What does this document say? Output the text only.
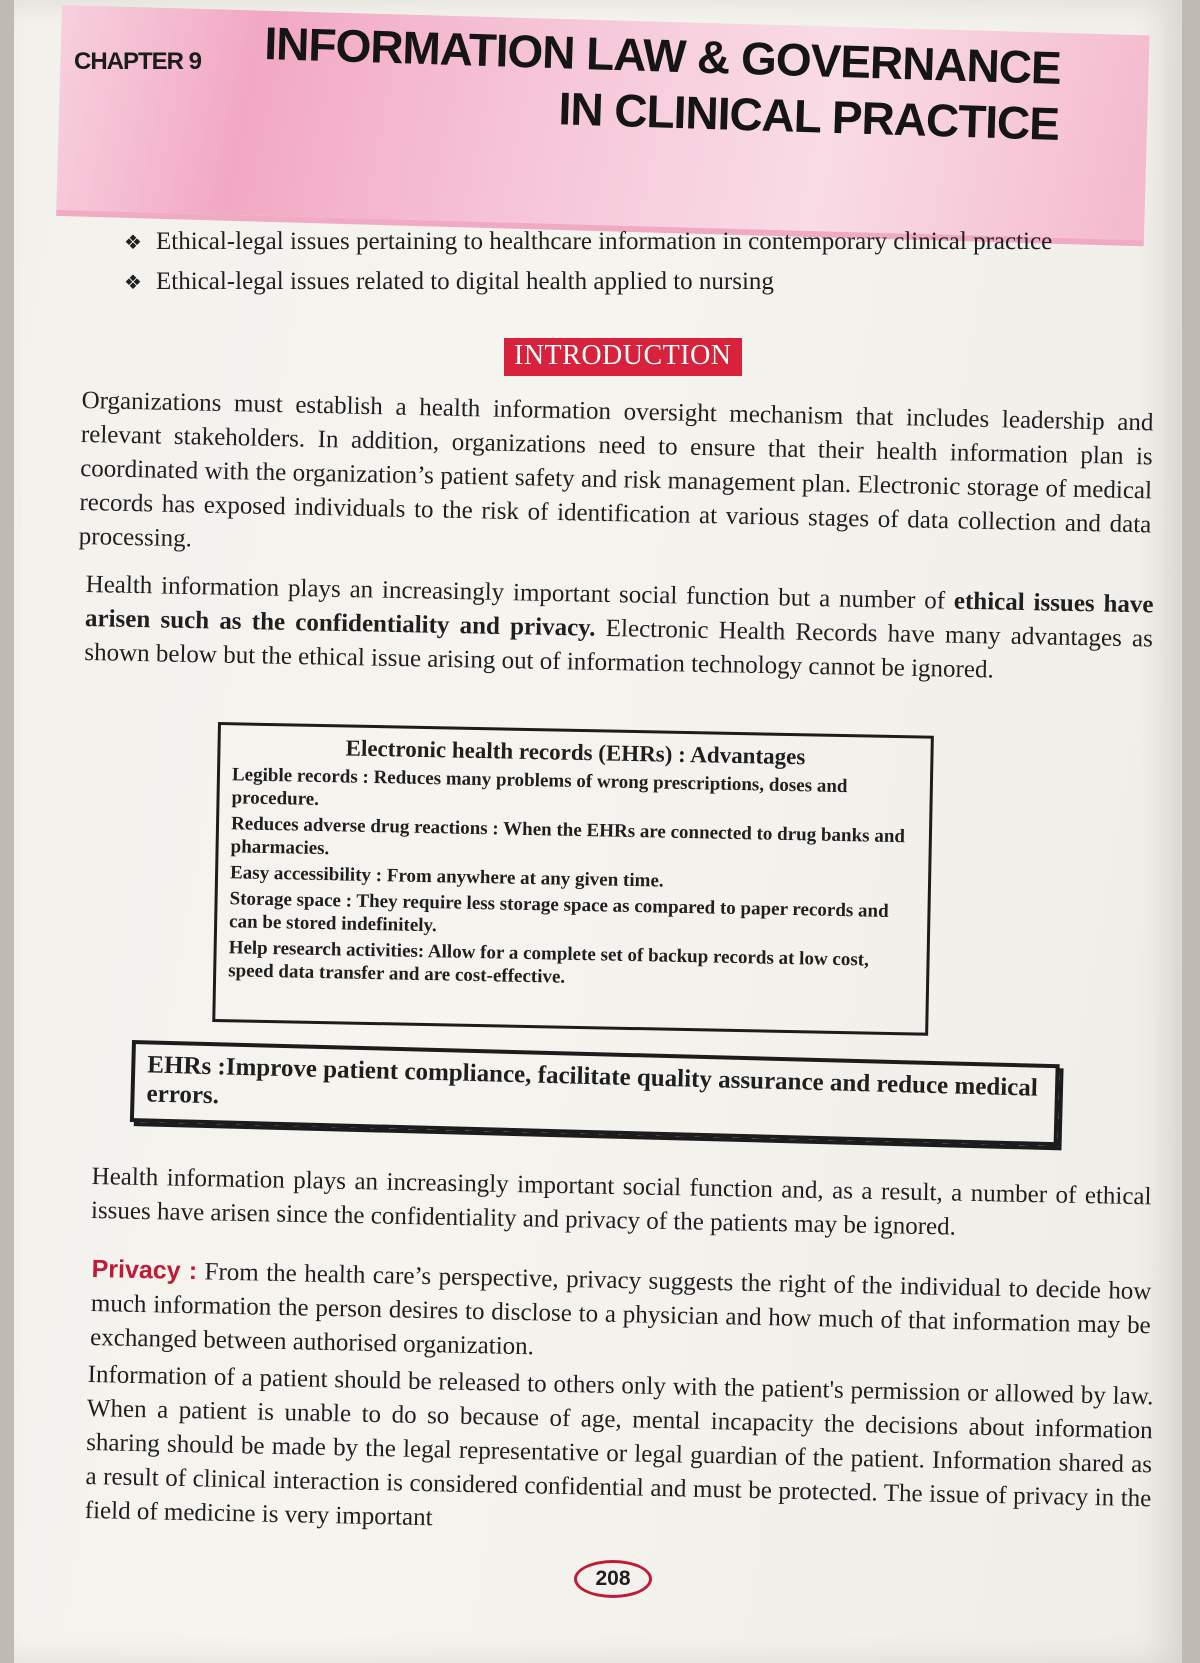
CHAPTER 9 INFORMATION LAW & GOVERNANCE
IN CLINICAL PRACTICE
❖ Ethical-legal issues pertaining to healthcare information in contemporary clinical practice
❖ Ethical-legal issues related to digital health applied to nursing
INTRODUCTION
Organizations must establish a health information oversight mechanism that includes leadership and relevant stakeholders. In addition, organizations need to ensure that their health information plan is coordinated with the organization’s patient safety and risk management plan. Electronic storage of medical records has exposed individuals to the risk of identification at various stages of data collection and data processing.
Health information plays an increasingly important social function but a number of ethical issues have arisen such as the confidentiality and privacy. Electronic Health Records have many advantages as shown below but the ethical issue arising out of information technology cannot be ignored.
Electronic health records (EHRs) : Advantages
Legible records : Reduces many problems of wrong prescriptions, doses and procedure.
Reduces adverse drug reactions : When the EHRs are connected to drug banks and pharmacies.
Easy accessibility : From anywhere at any given time.
Storage space : They require less storage space as compared to paper records and can be stored indefinitely.
Help research activities: Allow for a complete set of backup records at low cost, speed data transfer and are cost-effective.
EHRs :Improve patient compliance, facilitate quality assurance and reduce medical errors.
Health information plays an increasingly important social function and, as a result, a number of ethical issues have arisen since the confidentiality and privacy of the patients may be ignored.
Privacy : From the health care’s perspective, privacy suggests the right of the individual to decide how much information the person desires to disclose to a physician and how much of that information may be exchanged between authorised organization.
Information of a patient should be released to others only with the patient's permission or allowed by law. When a patient is unable to do so because of age, mental incapacity the decisions about information sharing should be made by the legal representative or legal guardian of the patient. Information shared as a result of clinical interaction is considered confidential and must be protected. The issue of privacy in the field of medicine is very important
208
